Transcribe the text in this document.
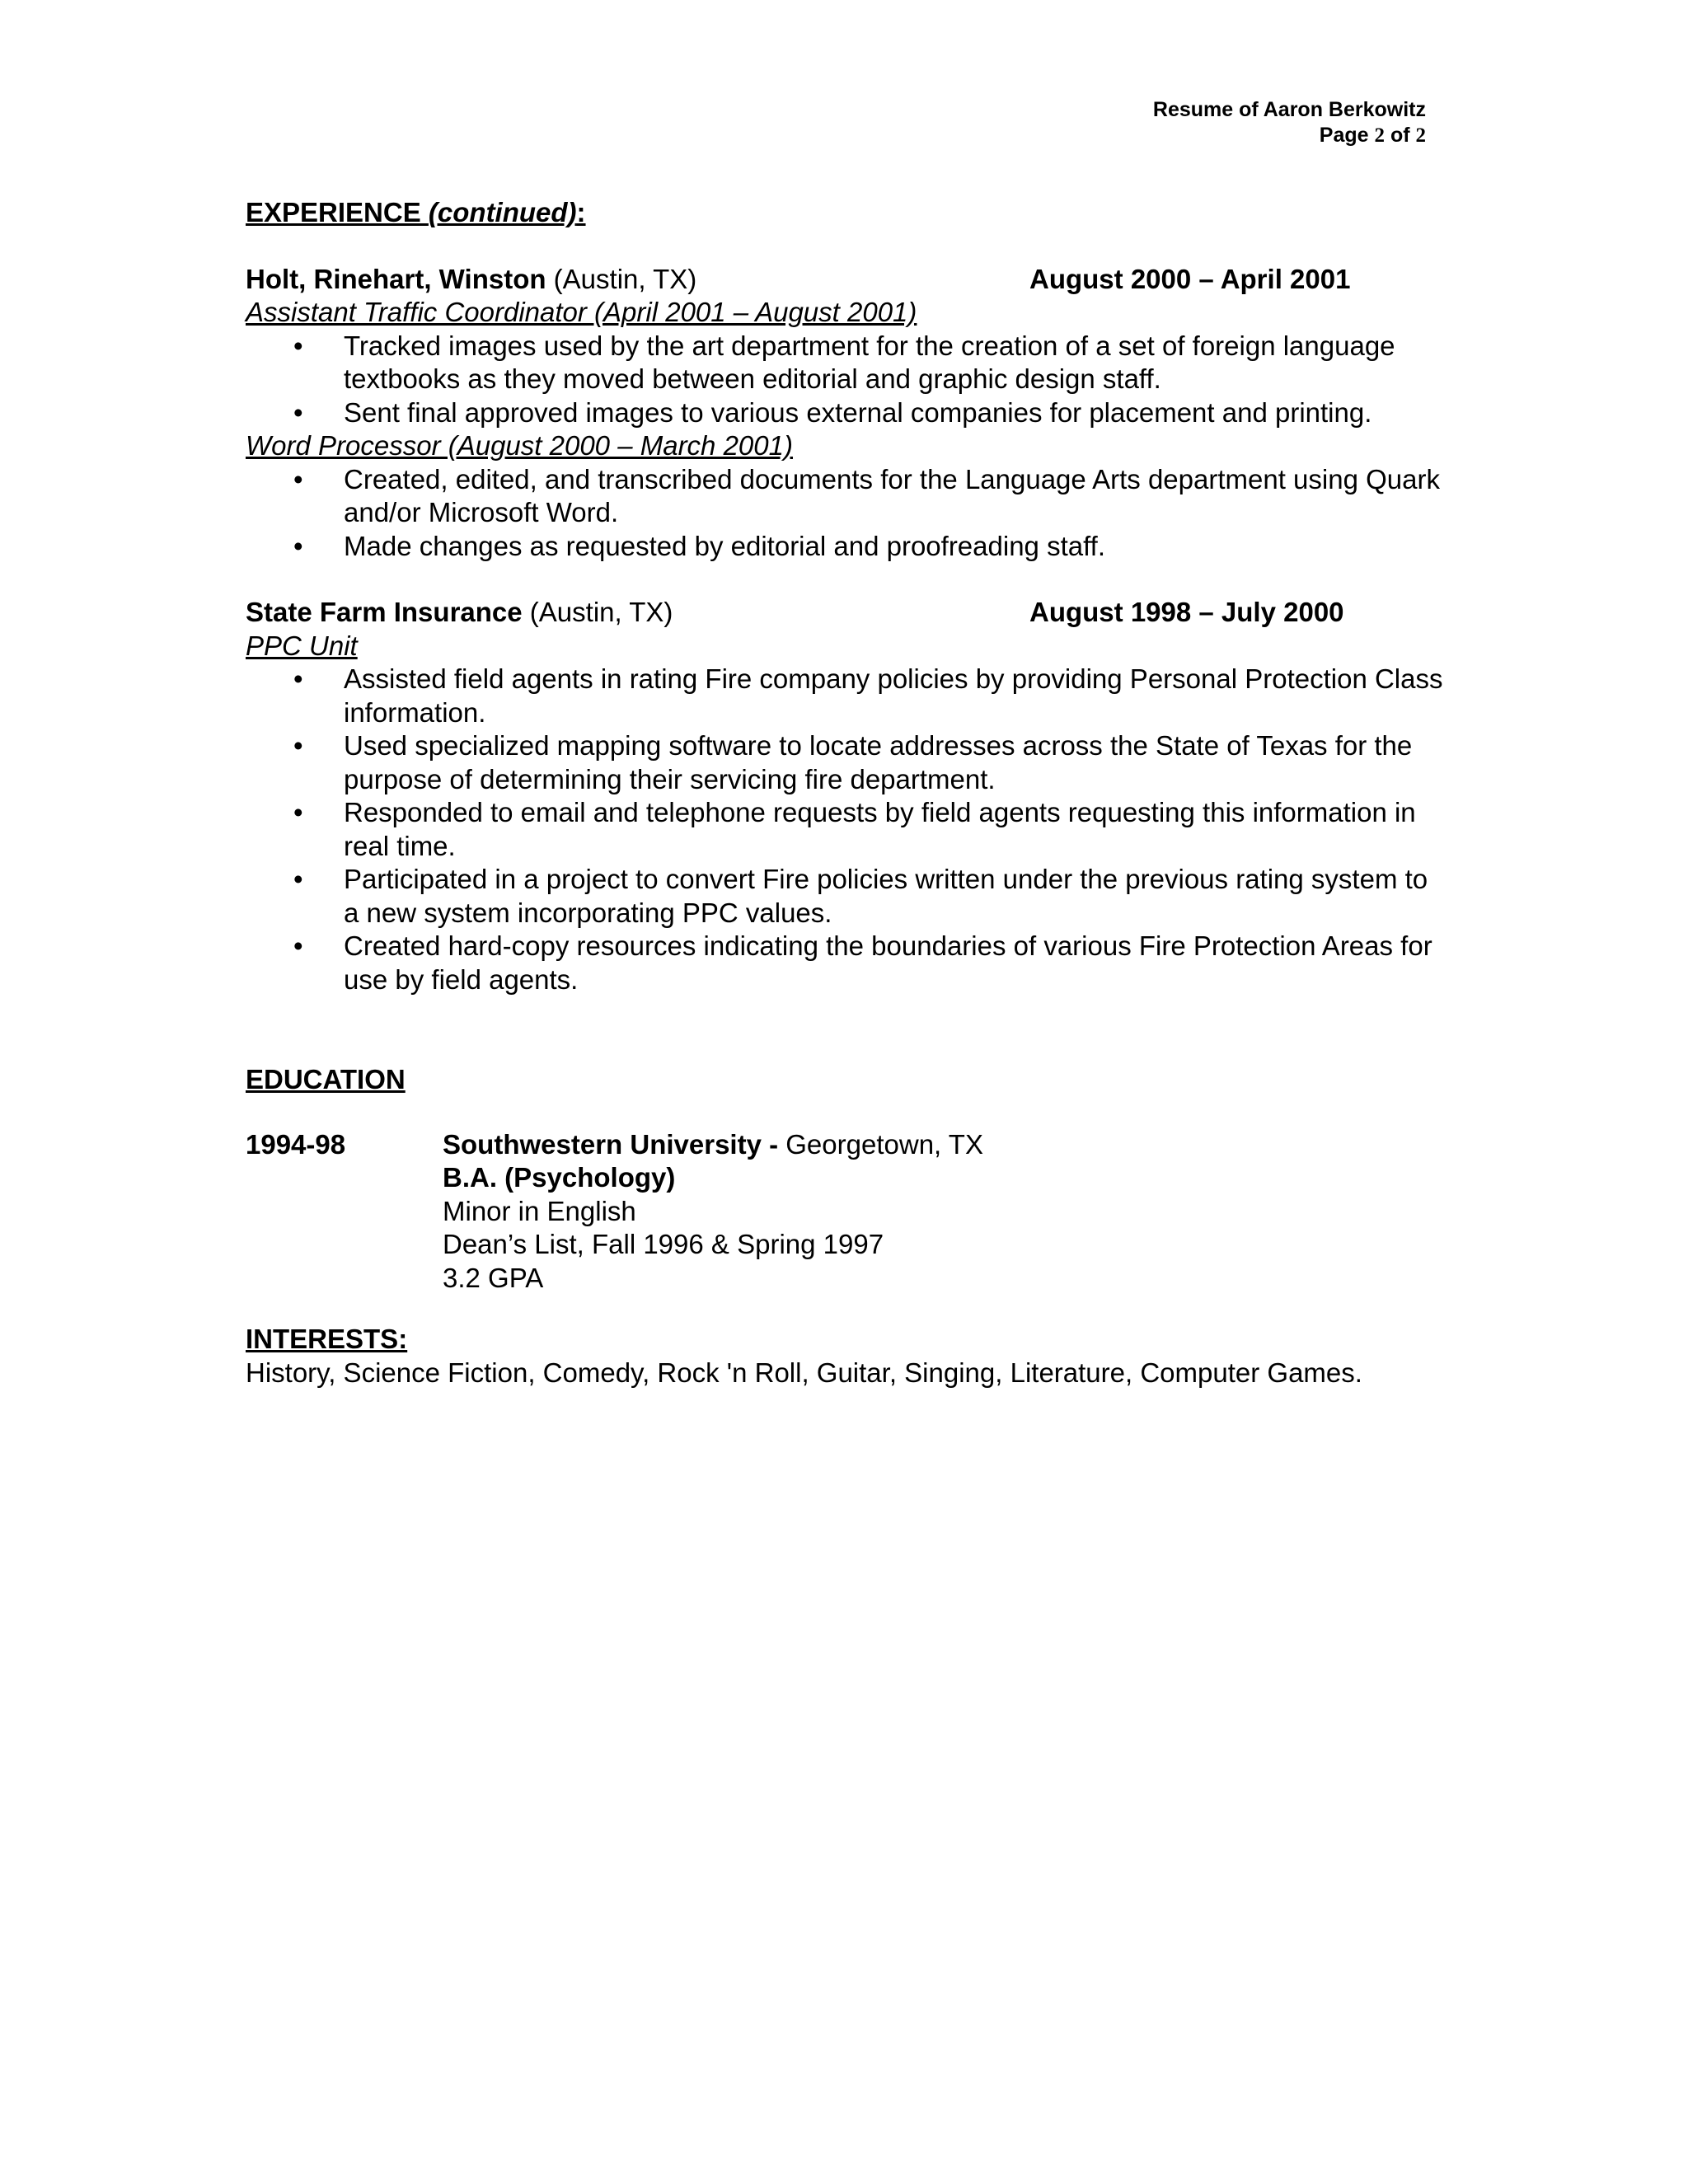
Resume of Aaron Berkowitz
Page 2 of 2
EXPERIENCE (continued):
Holt, Rinehart, Winston (Austin, TX)	August 2000 – April 2001
Assistant Traffic Coordinator (April 2001 – August 2001)
• Tracked images used by the art department for the creation of a set of foreign language textbooks as they moved between editorial and graphic design staff.
• Sent final approved images to various external companies for placement and printing.
Word Processor (August 2000 – March 2001)
• Created, edited, and transcribed documents for the Language Arts department using Quark and/or Microsoft Word.
• Made changes as requested by editorial and proofreading staff.
State Farm Insurance (Austin, TX)	August 1998 – July 2000
PPC Unit
• Assisted field agents in rating Fire company policies by providing Personal Protection Class information.
• Used specialized mapping software to locate addresses across the State of Texas for the purpose of determining their servicing fire department.
• Responded to email and telephone requests by field agents requesting this information in real time.
• Participated in a project to convert Fire policies written under the previous rating system to a new system incorporating PPC values.
• Created hard-copy resources indicating the boundaries of various Fire Protection Areas for use by field agents.
EDUCATION
1994-98	Southwestern University - Georgetown, TX
B.A. (Psychology)
Minor in English
Dean’s List, Fall 1996 & Spring 1997
3.2 GPA
INTERESTS:
History, Science Fiction, Comedy, Rock 'n Roll, Guitar, Singing, Literature, Computer Games.
